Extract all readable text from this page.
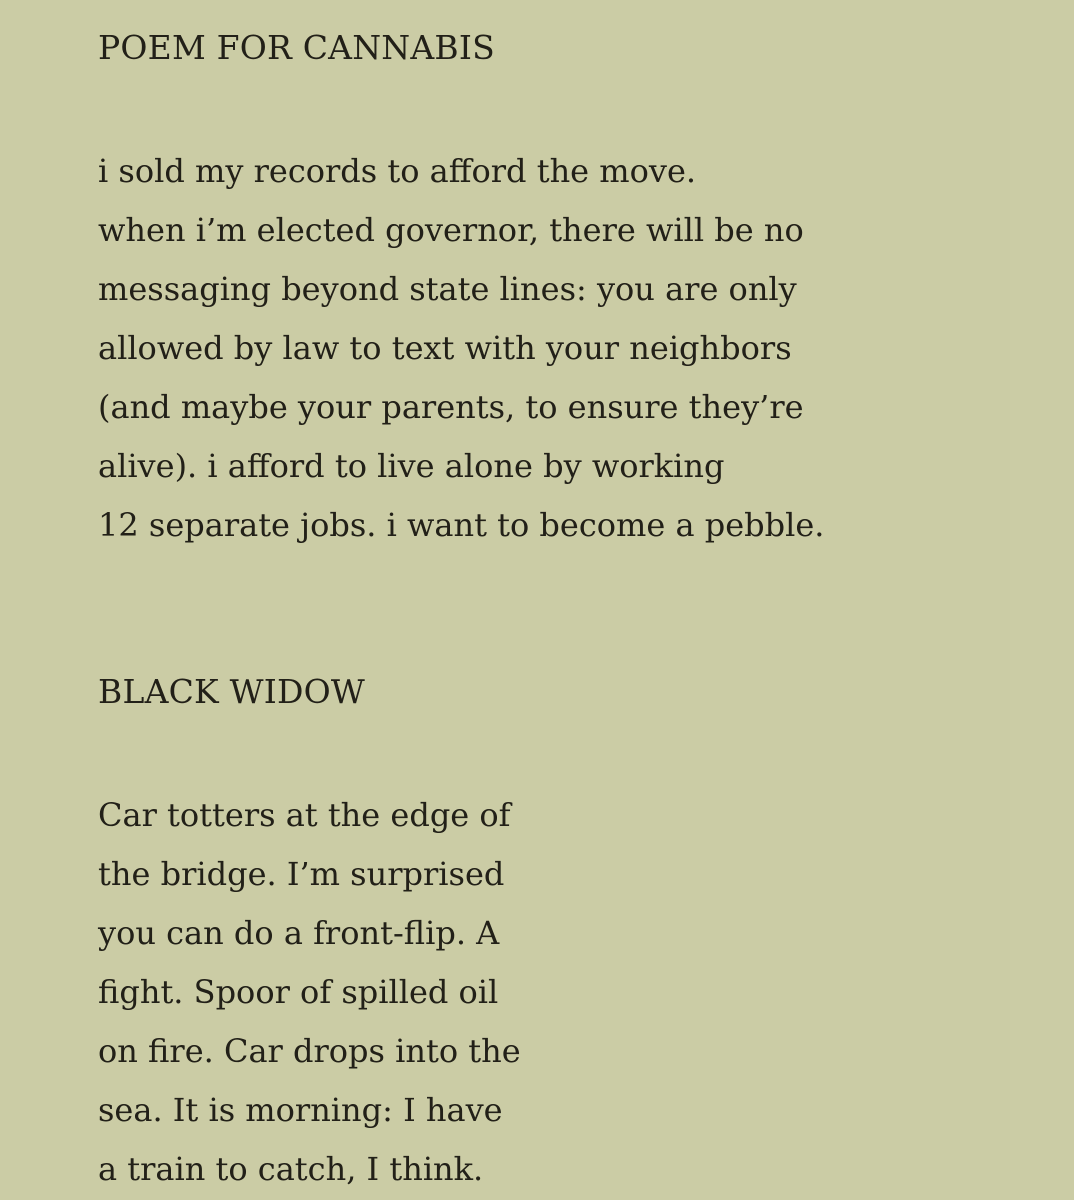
POEM FOR CANNABIS
i sold my records to afford the move.
when i’m elected governor, there will be no
messaging beyond state lines: you are only
allowed by law to text with your neighbors
(and maybe your parents, to ensure they’re
alive). i afford to live alone by working
12 separate jobs. i want to become a pebble.
BLACK WIDOW
Car totters at the edge of
the bridge. I’m surprised
you can do a front-flip. A
fight. Spoor of spilled oil
on fire. Car drops into the
sea. It is morning: I have
a train to catch, I think.
